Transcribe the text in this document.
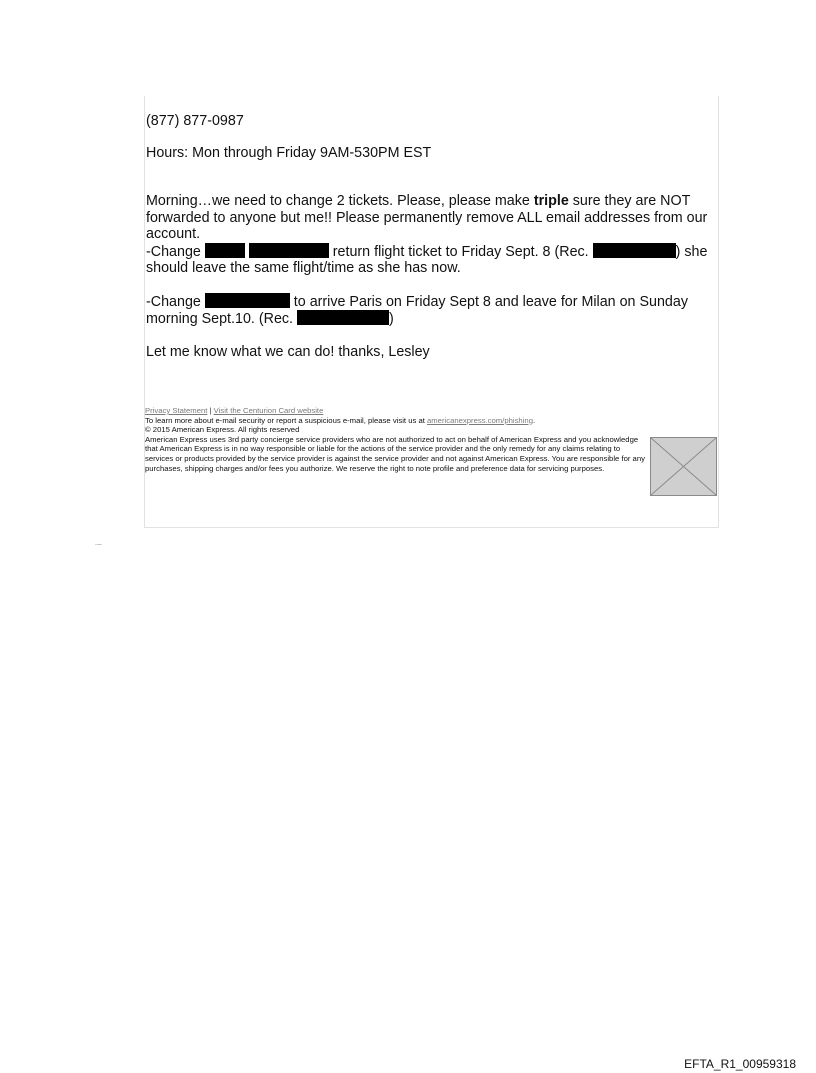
(877) 877-0987
Hours: Mon through Friday 9AM-530PM EST

Morning…we need to change 2 tickets. Please, please make triple sure they are NOT forwarded to anyone but me!! Please permanently remove ALL email addresses from our account.
-Change	return flight ticket to Friday Sept. 8 (Rec.	) she should leave the same flight/time as she has now.

-Change	to arrive Paris on Friday Sept 8 and leave for Milan on Sunday morning Sept.10. (Rec.	)

Let me know what we can do! thanks, Lesley

Privacy Statement | Visit the Centurion Card website
To learn more about e-mail security or report a suspicious e-mail, please visit us at americanexpress.com/phishing.
© 2015 American Express. All rights reserved
American Express uses 3rd party concierge service providers who are not authorized to act on behalf of American Express and you acknowledge that American Express is in no way responsible or liable for the actions of the service provider and the only remedy for any claims relating to services or products provided by the service provider is against the service provider and not against American Express. You are responsible for any purchases, shipping charges and/or fees you authorize. We reserve the right to note profile and preference data for servicing purposes.
·—
EFTA_R1_00959318
